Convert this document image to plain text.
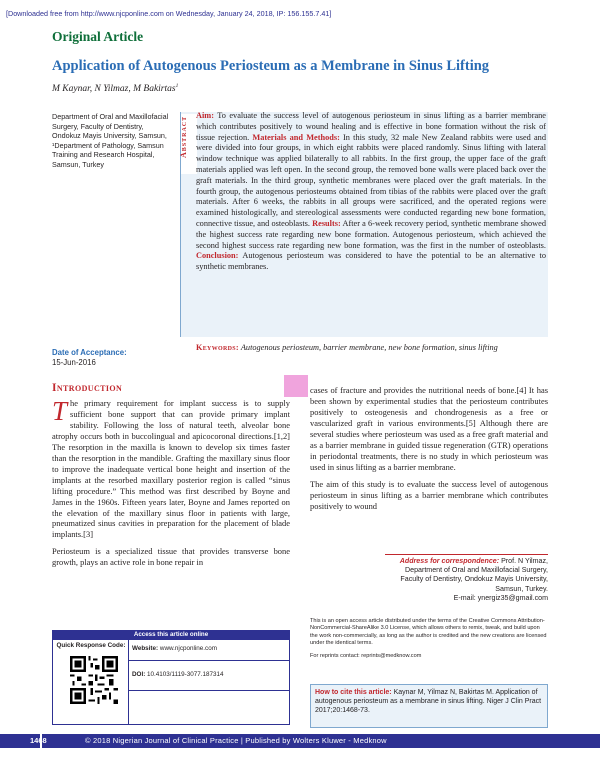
[Downloaded free from http://www.njcponline.com on Wednesday, January 24, 2018, IP: 156.155.7.41]
Original Article
Application of Autogenous Periosteum as a Membrane in Sinus Lifting
M Kaynar, N Yilmaz, M Bakirtas$^1$
Department of Oral and Maxillofacial Surgery, Faculty of Dentistry, Ondokuz Mayis University, Samsun, ¹Department of Pathology, Samsun Training and Research Hospital, Samsun, Turkey
Abstract
Aim: To evaluate the success level of autogenous periosteum in sinus lifting as a barrier membrane which contributes positively to wound healing and is effective in bone formation without the risk of tissue rejection. Materials and Methods: In this study, 32 male New Zealand rabbits were used and were divided into four groups, in which eight rabbits were placed randomly. Sinus lifting with lateral window technique was applied bilaterally to all rabbits. In the first group, the upper face of the graft materials applied was left open. In the second group, the removed bone walls were placed back over the graft materials. In the third group, synthetic membranes were placed over the graft materials. In the fourth group, the autogenous periosteums obtained from tibias of the rabbits were placed over the graft materials. After 6 weeks, the rabbits in all groups were sacrificed, and the operated regions were examined histologically, and stereological assessments were conducted regarding new bone formation, connective tissue, and osteoblasts. Results: After a 6-week recovery period, synthetic membrane showed the highest success rate regarding new bone formation. Autogenous periosteum, which achieved the second highest success rate regarding new bone formation, was the first in the number of osteoblasts. Conclusion: Autogenous periosteum was considered to have the potential to be an alternative to synthetic membranes.
Date of Acceptance:
15-Jun-2016
Keywords: Autogenous periosteum, barrier membrane, new bone formation, sinus lifting
Introduction

The primary requirement for implant success is to supply sufficient bone support that can provide primary implant stability. Following the loss of natural teeth, alveolar bone atrophy occurs both in buccolingual and apicocoronal directions.[1,2] The resorption in the maxilla is known to develop six times faster than the resorption in the mandible. Grafting the maxillary sinus floor to improve the inadequate vertical bone height and insertion of the implants at the resorbed maxillary posterior region is called “sinus lifting procedure.” This method was first described by Boyne and James in the 1960s. Fifteen years later, Boyne and James reported on the elevation of the maxillary sinus floor in patients with large, pneumatized sinus cavities in preparation for the placement of blade implants.[3]

Periosteum is a specialized tissue that provides transverse bone growth, plays an active role in bone repair in

cases of fracture and provides the nutritional needs of bone.[4] It has been shown by experimental studies that the periosteum contributes positively to osteogenesis and chondrogenesis as a free or vascularized graft in various environments.[5] Although there are several studies where periosteum was used as a free graft material and as a barrier membrane in guided tissue regeneration (GTR) operations in periodontal treatments, there is no study in which periosteum was used in sinus lifting as a barrier membrane.

The aim of this study is to evaluate the success level of autogenous periosteum in sinus lifting as a barrier membrane which contributes positively to wound

Address for correspondence: Prof. N Yilmaz,
Department of Oral and Maxillofacial Surgery,
Faculty of Dentistry, Ondokuz Mayis University,
Samsun, Turkey.
E-mail: ynergiz35@gmail.com

This is an open access article distributed under the terms of the Creative Commons Attribution-NonCommercial-ShareAlike 3.0 License, which allows others to remix, tweak, and build upon the work non-commercially, as long as the author is credited and the new creations are licensed under the identical terms.

For reprints contact: reprints@medknow.com

How to cite this article: Kaynar M, Yilmaz N, Bakirtas M. Application of autogenous periosteum as a membrane in sinus lifting. Niger J Clin Pract 2017;20:1468-73.
Access this article online
Quick Response Code:	Website: www.njcponline.com
DOI: 10.4103/1119-3077.187314
1468	© 2018 Nigerian Journal of Clinical Practice | Published by Wolters Kluwer - Medknow
